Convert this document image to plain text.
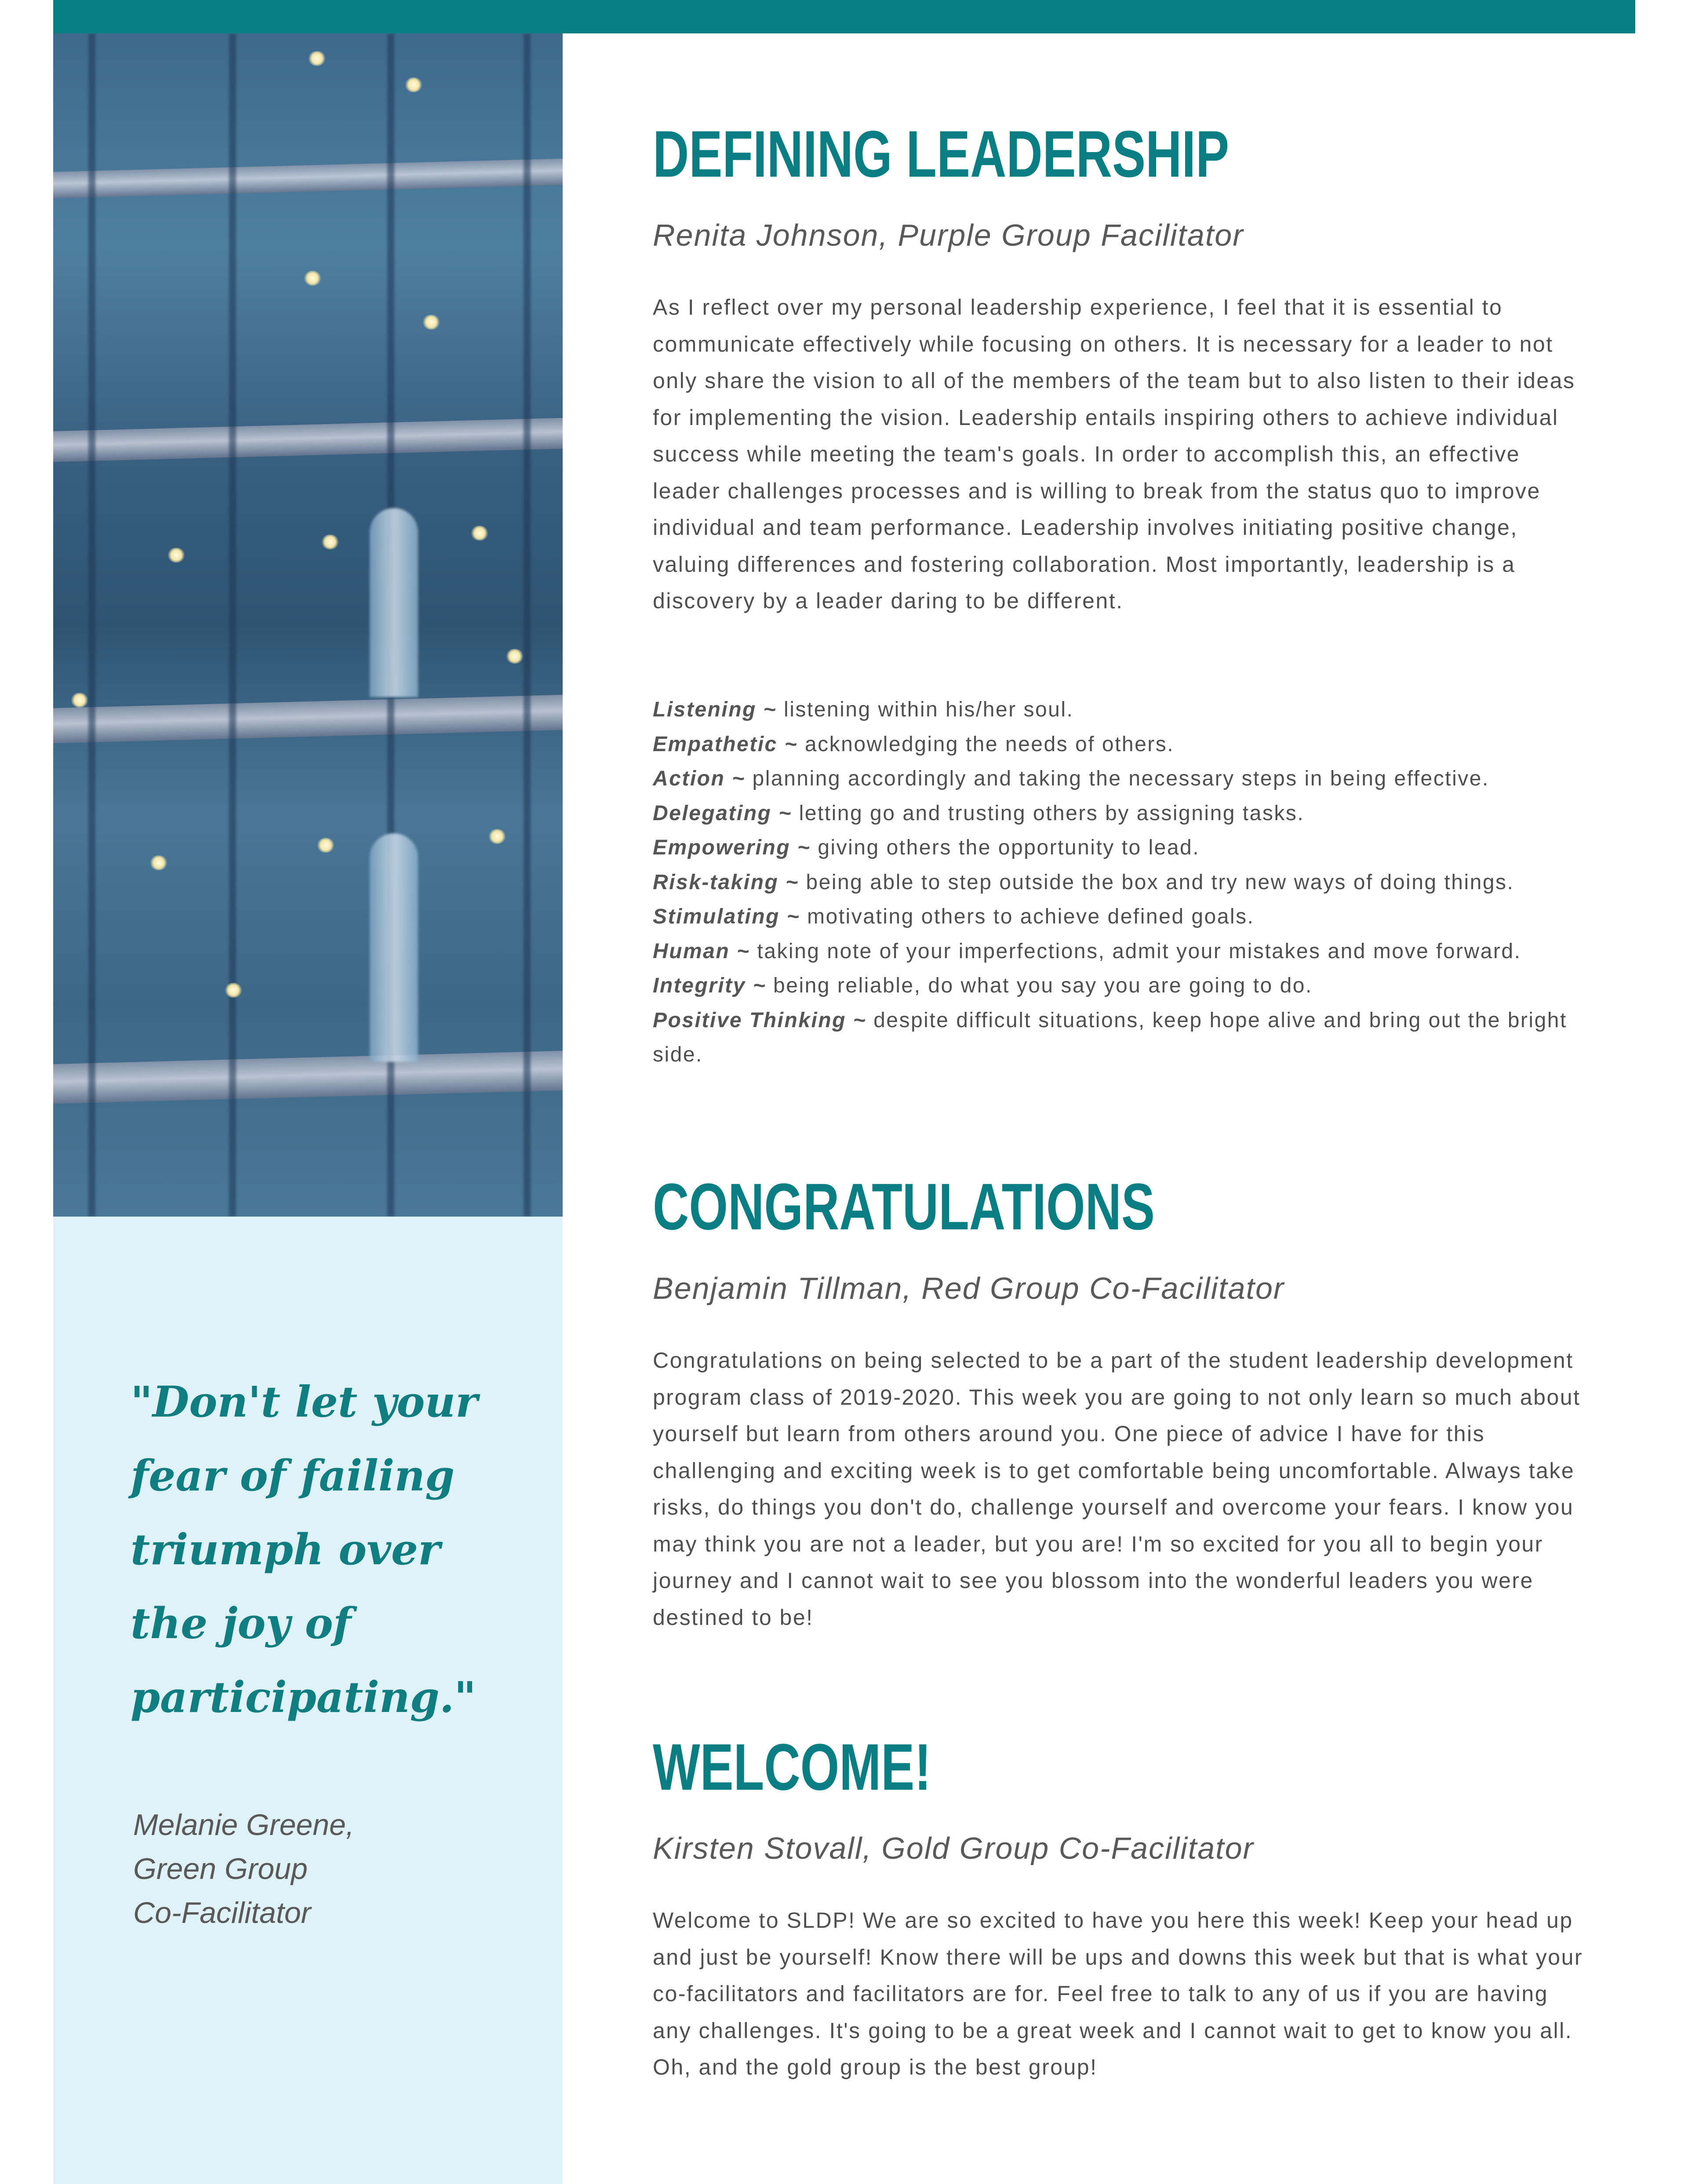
"Don't let your fear of failing triumph over the joy of participating."

Melanie Greene,
Green Group
Co-Facilitator
DEFINING LEADERSHIP

Renita Johnson, Purple Group Facilitator

As I reflect over my personal leadership experience, I feel that it is essential to communicate effectively while focusing on others. It is necessary for a leader to not only share the vision to all of the members of the team but to also listen to their ideas for implementing the vision. Leadership entails inspiring others to achieve individual success while meeting the team's goals. In order to accomplish this, an effective leader challenges processes and is willing to break from the status quo to improve individual and team performance. Leadership involves initiating positive change, valuing differences and fostering collaboration. Most importantly, leadership is a discovery by a leader daring to be different.

Listening ~ listening within his/her soul.
Empathetic ~ acknowledging the needs of others.
Action ~ planning accordingly and taking the necessary steps in being effective.
Delegating ~ letting go and trusting others by assigning tasks.
Empowering ~ giving others the opportunity to lead.
Risk-taking ~ being able to step outside the box and try new ways of doing things.
Stimulating ~ motivating others to achieve defined goals.
Human ~ taking note of your imperfections, admit your mistakes and move forward.
Integrity ~ being reliable, do what you say you are going to do.
Positive Thinking ~ despite difficult situations, keep hope alive and bring out the bright side.
CONGRATULATIONS

Benjamin Tillman, Red Group Co-Facilitator

Congratulations on being selected to be a part of the student leadership development program class of 2019-2020. This week you are going to not only learn so much about yourself but learn from others around you. One piece of advice I have for this challenging and exciting week is to get comfortable being uncomfortable. Always take risks, do things you don't do, challenge yourself and overcome your fears. I know you may think you are not a leader, but you are! I'm so excited for you all to begin your journey and I cannot wait to see you blossom into the wonderful leaders you were destined to be!

WELCOME!

Kirsten Stovall, Gold Group Co-Facilitator

Welcome to SLDP! We are so excited to have you here this week! Keep your head up and just be yourself! Know there will be ups and downs this week but that is what your co-facilitators and facilitators are for. Feel free to talk to any of us if you are having any challenges. It's going to be a great week and I cannot wait to get to know you all. Oh, and the gold group is the best group!
